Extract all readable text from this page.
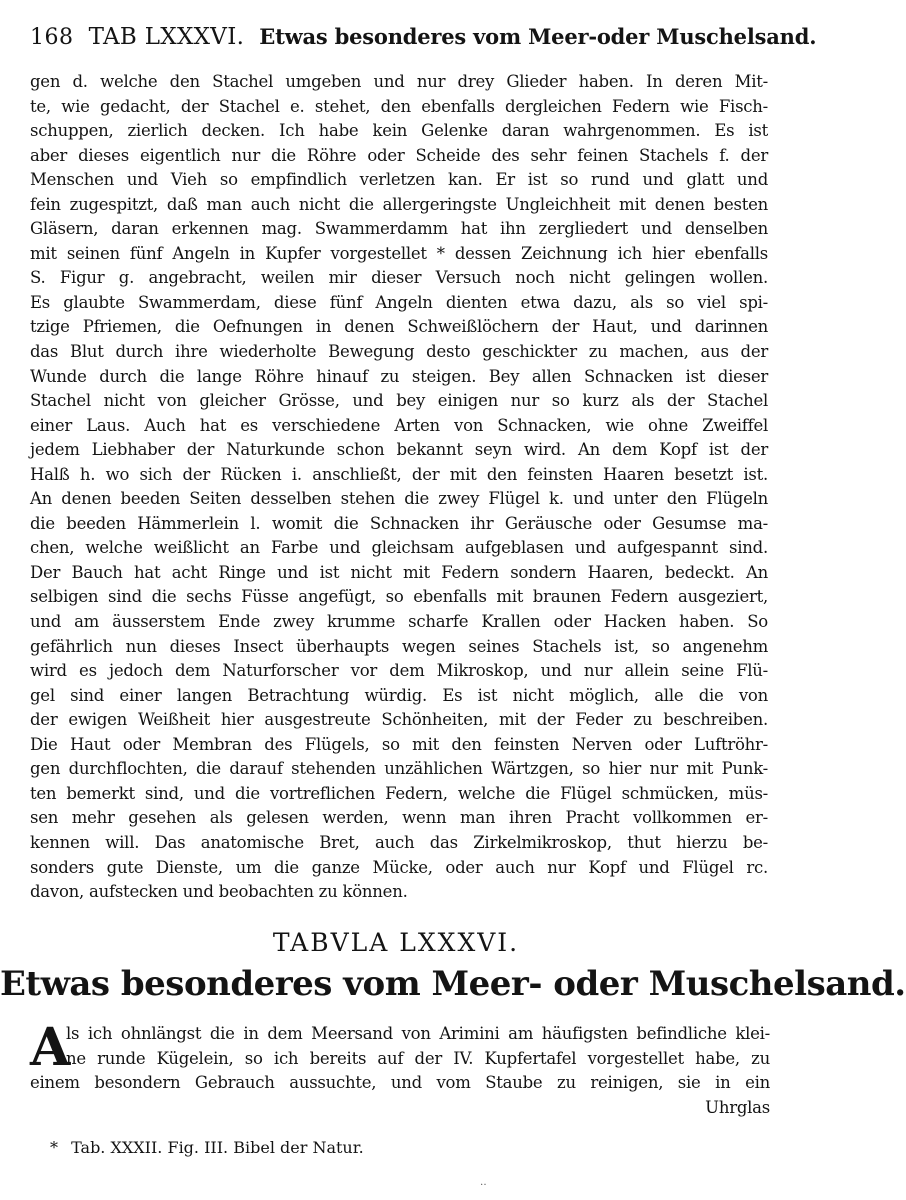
168 TAB LXXXVI. Etwas besonderes vom Meer-oder Muschelsand.
gen d. welche den Stachel umgeben und nur drey Glieder haben. In deren Mit-
te, wie gedacht, der Stachel e. stehet, den ebenfalls dergleichen Federn wie Fisch-
schuppen, zierlich decken. Ich habe kein Gelenke daran wahrgenommen. Es ist
aber dieses eigentlich nur die Röhre oder Scheide des sehr feinen Stachels f. der
Menschen und Vieh so empfindlich verletzen kan. Er ist so rund und glatt und
fein zugespitzt, daß man auch nicht die allergeringste Ungleichheit mit denen besten
Gläsern, daran erkennen mag. Swammerdamm hat ihn zergliedert und denselben
mit seinen fünf Angeln in Kupfer vorgestellet * dessen Zeichnung ich hier ebenfalls
S. Figur g. angebracht, weilen mir dieser Versuch noch nicht gelingen wollen.
Es glaubte Swammerdam, diese fünf Angeln dienten etwa dazu, als so viel spi-
tzige Pfriemen, die Oefnungen in denen Schweißlöchern der Haut, und darinnen
das Blut durch ihre wiederholte Bewegung desto geschickter zu machen, aus der
Wunde durch die lange Röhre hinauf zu steigen. Bey allen Schnacken ist dieser
Stachel nicht von gleicher Grösse, und bey einigen nur so kurz als der Stachel
einer Laus. Auch hat es verschiedene Arten von Schnacken, wie ohne Zweiffel
jedem Liebhaber der Naturkunde schon bekannt seyn wird. An dem Kopf ist der
Halß h. wo sich der Rücken i. anschließt, der mit den feinsten Haaren besetzt ist.
An denen beeden Seiten desselben stehen die zwey Flügel k. und unter den Flügeln
die beeden Hämmerlein l. womit die Schnacken ihr Geräusche oder Gesumse ma-
chen, welche weißlicht an Farbe und gleichsam aufgeblasen und aufgespannt sind.
Der Bauch hat acht Ringe und ist nicht mit Federn sondern Haaren, bedeckt. An
selbigen sind die sechs Füsse angefügt, so ebenfalls mit braunen Federn ausgeziert,
und am äusserstem Ende zwey krumme scharfe Krallen oder Hacken haben. So
gefährlich nun dieses Insect überhaupts wegen seines Stachels ist, so angenehm
wird es jedoch dem Naturforscher vor dem Mikroskop, und nur allein seine Flü-
gel sind einer langen Betrachtung würdig. Es ist nicht möglich, alle die von
der ewigen Weißheit hier ausgestreute Schönheiten, mit der Feder zu beschreiben.
Die Haut oder Membran des Flügels, so mit den feinsten Nerven oder Luftröhr-
gen durchflochten, die darauf stehenden unzählichen Wärtzgen, so hier nur mit Punk-
ten bemerkt sind, und die vortreflichen Federn, welche die Flügel schmücken, müs-
sen mehr gesehen als gelesen werden, wenn man ihren Pracht vollkommen er-
kennen will. Das anatomische Bret, auch das Zirkelmikroskop, thut hierzu be-
sonders gute Dienste, um die ganze Mücke, oder auch nur Kopf und Flügel rc.
davon, aufstecken und beobachten zu können.
TABVLA LXXXVI.
Etwas besonderes vom Meer- oder Muschelsand.
A
ls ich ohnlängst die in dem Meersand von Arimini am häufigsten befindliche klei-
ne runde Kügelein, so ich bereits auf der IV. Kupfertafel vorgestellet habe, zu
einem besondern Gebrauch aussuchte, und vom Staube zu reinigen, sie in ein
Uhrglas
* Tab. XXXII. Fig. III. Bibel der Natur.
‥
